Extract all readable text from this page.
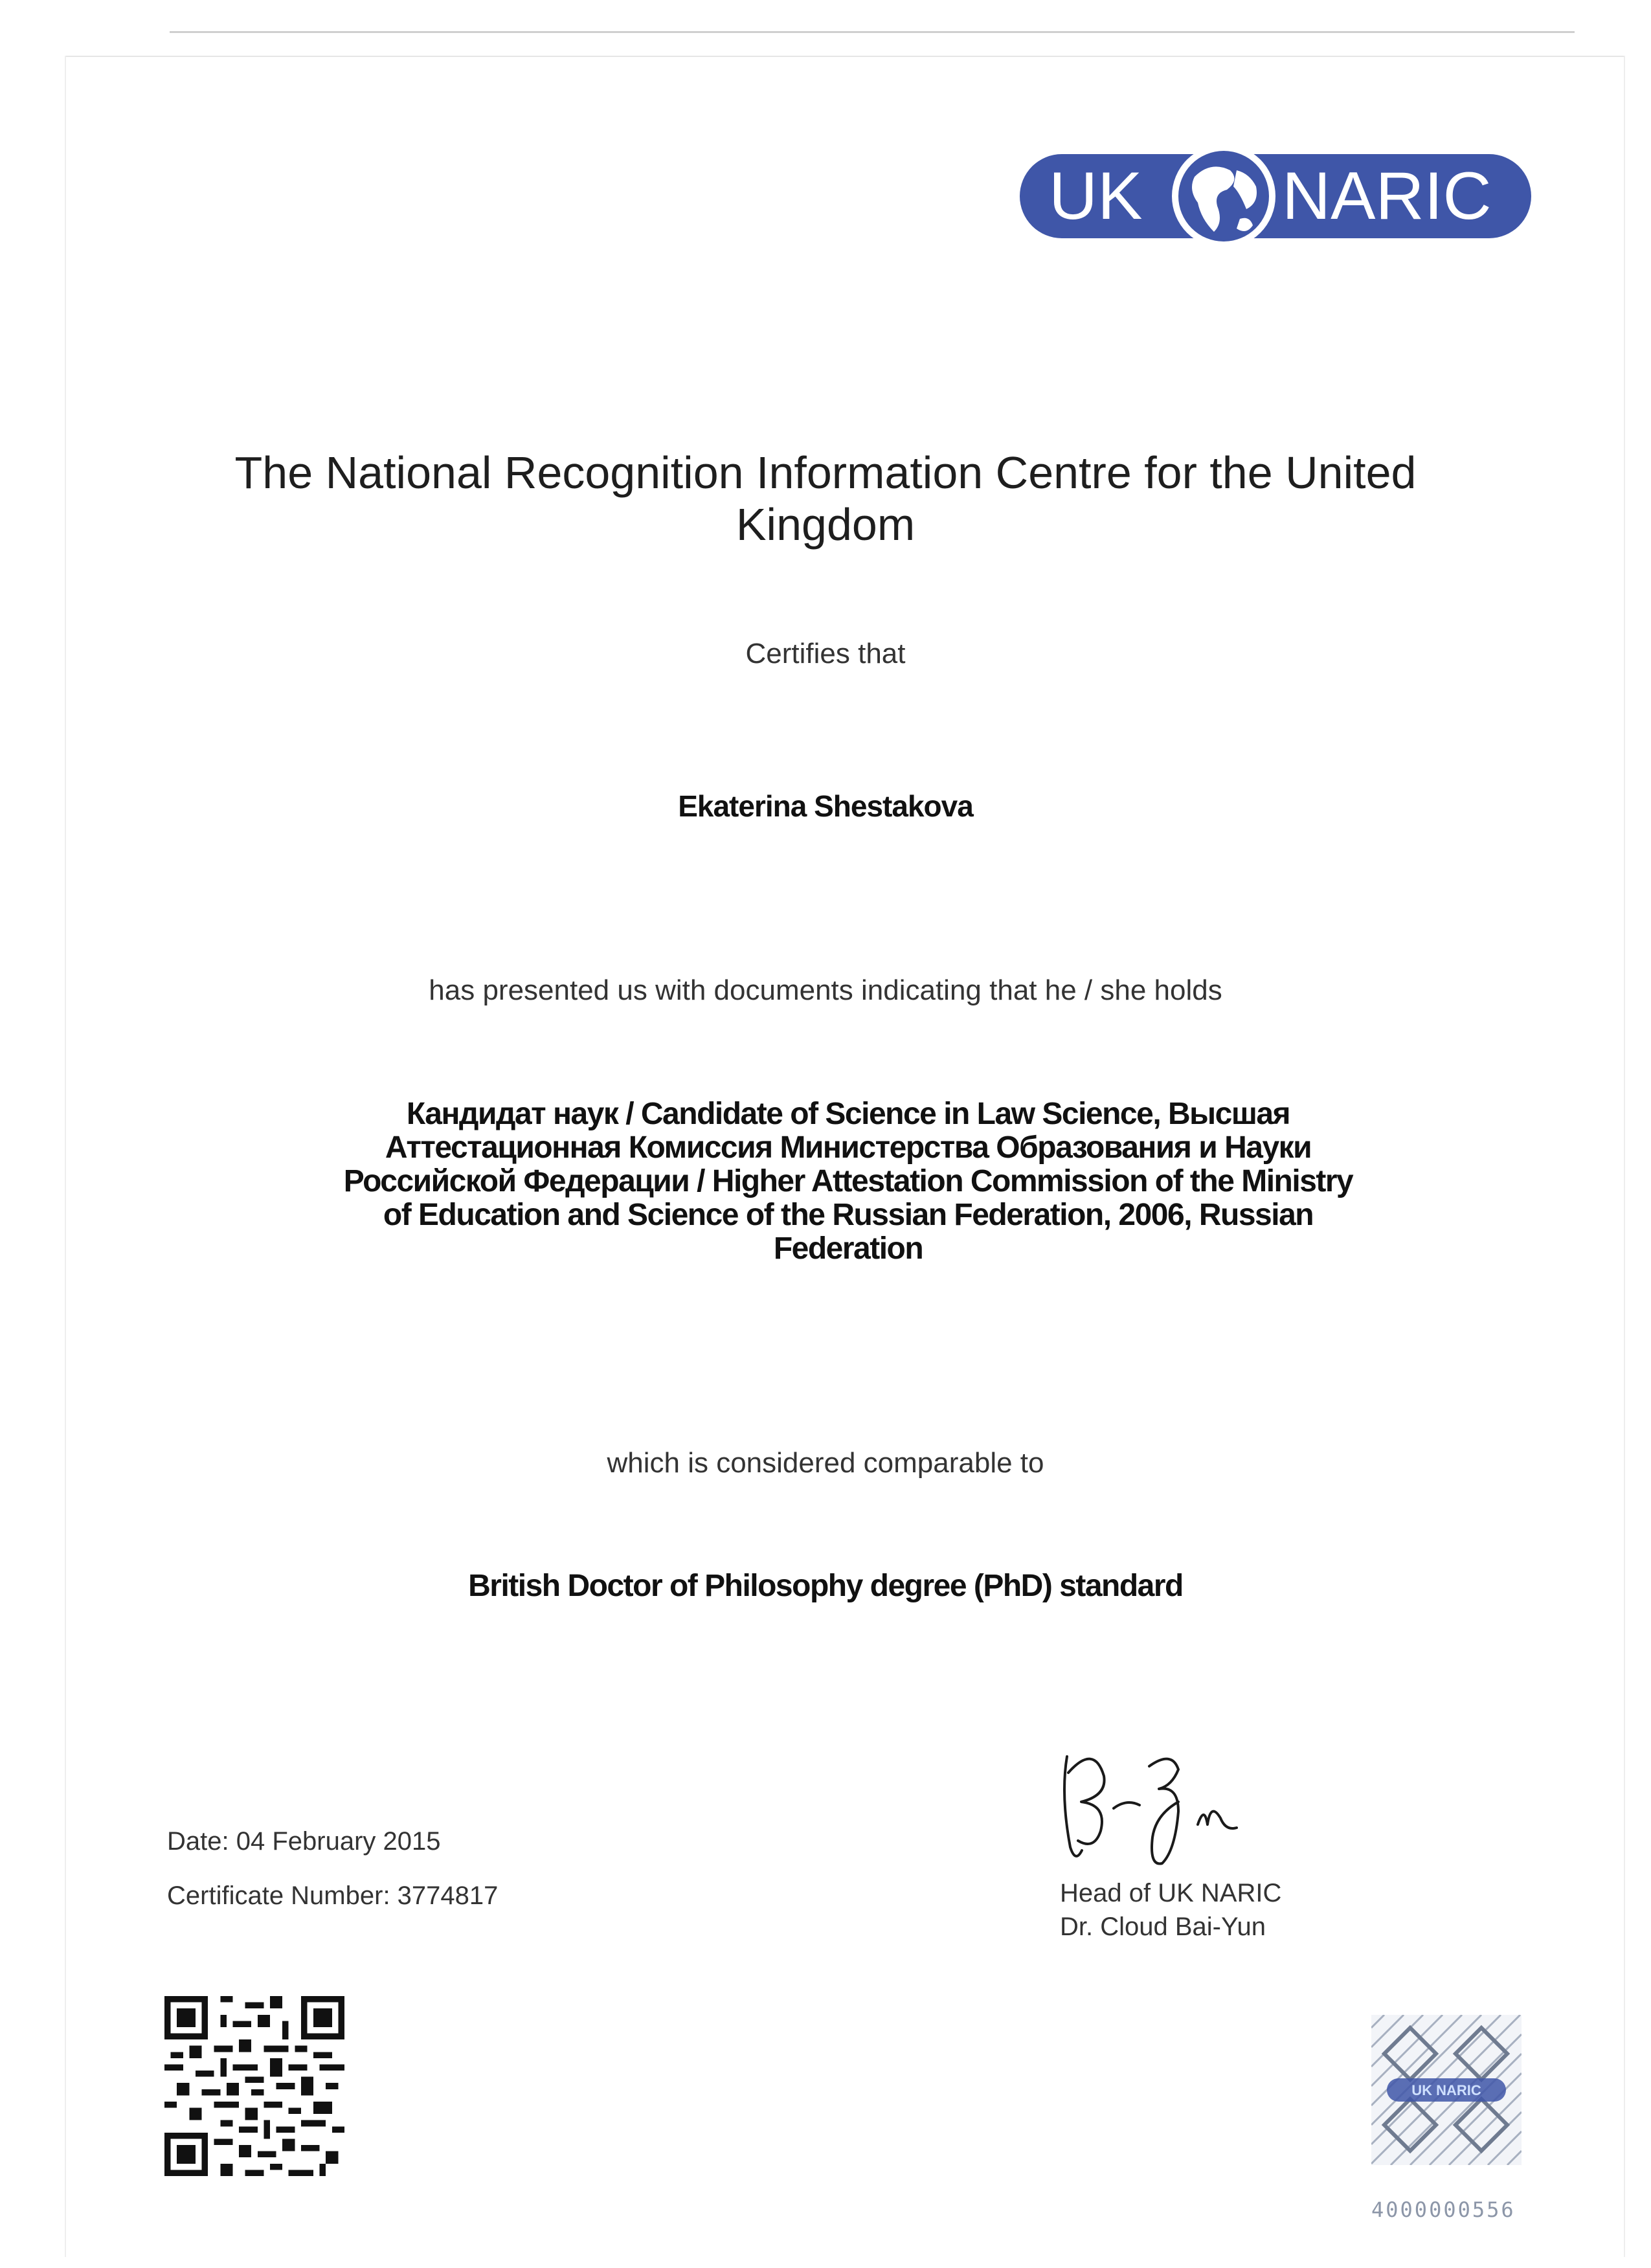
UK NARIC
The National Recognition Information Centre for the United Kingdom
Certifies that
Ekaterina Shestakova
has presented us with documents indicating that he / she holds
Кандидат наук / Candidate of Science in Law Science, Высшая
Аттестационная Комиссия Министерства Образования и Науки
Российской Федерации / Higher Attestation Commission of the Ministry
of Education and Science of the Russian Federation, 2006, Russian
Federation
which is considered comparable to
British Doctor of Philosophy degree (PhD) standard
Date: 04 February 2015
Certificate Number: 3774817	Head of UK NARIC
Dr. Cloud Bai-Yun
UK NARIC
4000000556
